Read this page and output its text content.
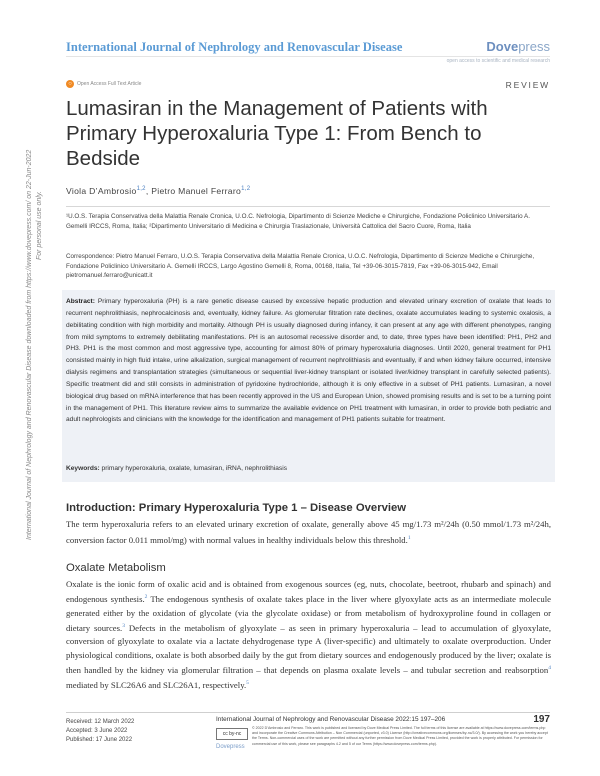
International Journal of Nephrology and Renovascular Disease downloaded from https://www.dovepress.com/ on 22-Jun-2022 For personal use only.
International Journal of Nephrology and Renovascular Disease	Dovepress
open access to scientific and medical research
○	Open Access Full Text Article	REVIEW
Lumasiran in the Management of Patients with Primary Hyperoxaluria Type 1: From Bench to Bedside
Viola D’Ambrosio$^{1,2}$, Pietro Manuel Ferraro$^{1,2}$
¹U.O.S. Terapia Conservativa della Malattia Renale Cronica, U.O.C. Nefrologia, Dipartimento di Scienze Mediche e Chirurgiche, Fondazione Policlinico Universitario A. Gemelli IRCCS, Roma, Italia; ²Dipartimento Universitario di Medicina e Chirurgia Traslazionale, Università Cattolica del Sacro Cuore, Roma, Italia
Correspondence: Pietro Manuel Ferraro, U.O.S. Terapia Conservativa della Malattia Renale Cronica, U.O.C. Nefrologia, Dipartimento di Scienze Mediche e Chirurgiche, Fondazione Policlinico Universitario A. Gemelli IRCCS, Largo Agostino Gemelli 8, Roma, 00168, Italia, Tel +39-06-3015-7819, Fax +39-06-3015-942, Email pietromanuel.ferraro@unicatt.it
Abstract: Primary hyperoxaluria (PH) is a rare genetic disease caused by excessive hepatic production and elevated urinary excretion of oxalate that leads to recurrent nephrolithiasis, nephrocalcinosis and, eventually, kidney failure. As glomerular filtration rate declines, oxalate accumulates leading to systemic oxalosis, a debilitating condition with high morbidity and mortality. Although PH is usually diagnosed during infancy, it can present at any age with different phenotypes, ranging from mild symptoms to extremely debilitating manifestations. PH is an autosomal recessive disorder and, to date, three types have been identified: PH1, PH2 and PH3. PH1 is the most common and most aggressive type, accounting for almost 80% of primary hyperoxaluria diagnoses. Until 2020, general treatment for PH1 consisted mainly in high fluid intake, urine alkalization, surgical management of recurrent nephrolithiasis and eventually, if and when kidney failure occurred, intensive dialysis regimens and transplantation strategies (simultaneous or sequential liver-kidney transplant or isolated liver/kidney transplant in carefully selected patients). Specific treatment did and still consists in administration of pyridoxine hydrochloride, although it is only effective in a subset of PH1 patients. Lumasiran, a novel biological drug based on mRNA interference that has been recently approved in the US and European Union, showed promising results and is set to be a turning point in the management of PH1. This literature review aims to summarize the available evidence on PH1 treatment with lumasiran, in order to provide both pediatric and adult nephrologists and clinicians with the knowledge for the identification and management of PH1 patients suitable for treatment.
Keywords: primary hyperoxaluria, oxalate, lumasiran, iRNA, nephrolithiasis
Introduction: Primary Hyperoxaluria Type 1 – Disease Overview
The term hyperoxaluria refers to an elevated urinary excretion of oxalate, generally above 45 mg/1.73 m²/24h (0.50 mmol/1.73 m²/24h, conversion factor 0.011 mmol/mg) with normal values in healthy individuals below this threshold.$^1$
Oxalate Metabolism
Oxalate is the ionic form of oxalic acid and is obtained from exogenous sources (eg, nuts, chocolate, beetroot, rhubarb and spinach) and endogenous synthesis.$^2$ The endogenous synthesis of oxalate takes place in the liver where glyoxylate acts as an intermediate molecule generated either by the oxidation of glycolate (via the glycolate oxidase) or from metabolism of hydroxyproline found in collagen or dietary sources.$^3$ Defects in the metabolism of glyoxylate – as seen in primary hyperoxaluria – lead to accumulation of glyoxylate, conversion of glyoxylate to oxalate via a lactate dehydrogenase type A (liver-specific) and ultimately to oxalate overproduction. Under physiological conditions, oxalate is both absorbed daily by the gut from dietary sources and endogenously produced by the liver; oxalate is then handled by the kidney via glomerular filtration – that depends on plasma oxalate levels – and tubular secretion and reabsorption$^4$ mediated by SLC26A6 and SLC26A1, respectively.$^5$
Received: 12 March 2022
Accepted: 3 June 2022
Published: 17 June 2022
International Journal of Nephrology and Renovascular Disease 2022:15 197–206	197
cc by-nc
© 2022 D’Ambrosio and Ferraro. This work is published and licensed by Dove Medical Press Limited. The full terms of this license are available at https://www.dovepress.com/terms.php and incorporate the Creative Commons Attribution – Non Commercial (unported, v3.0) License (http://creativecommons.org/licenses/by-nc/3.0/). By accessing the work you hereby accept the Terms. Non-commercial uses of the work are permitted without any further permission from Dove Medical Press Limited, provided the work is properly attributed. For permission for commercial use of this work, please see paragraphs 4.2 and 5 of our Terms (https://www.dovepress.com/terms.php).
Dovepress
